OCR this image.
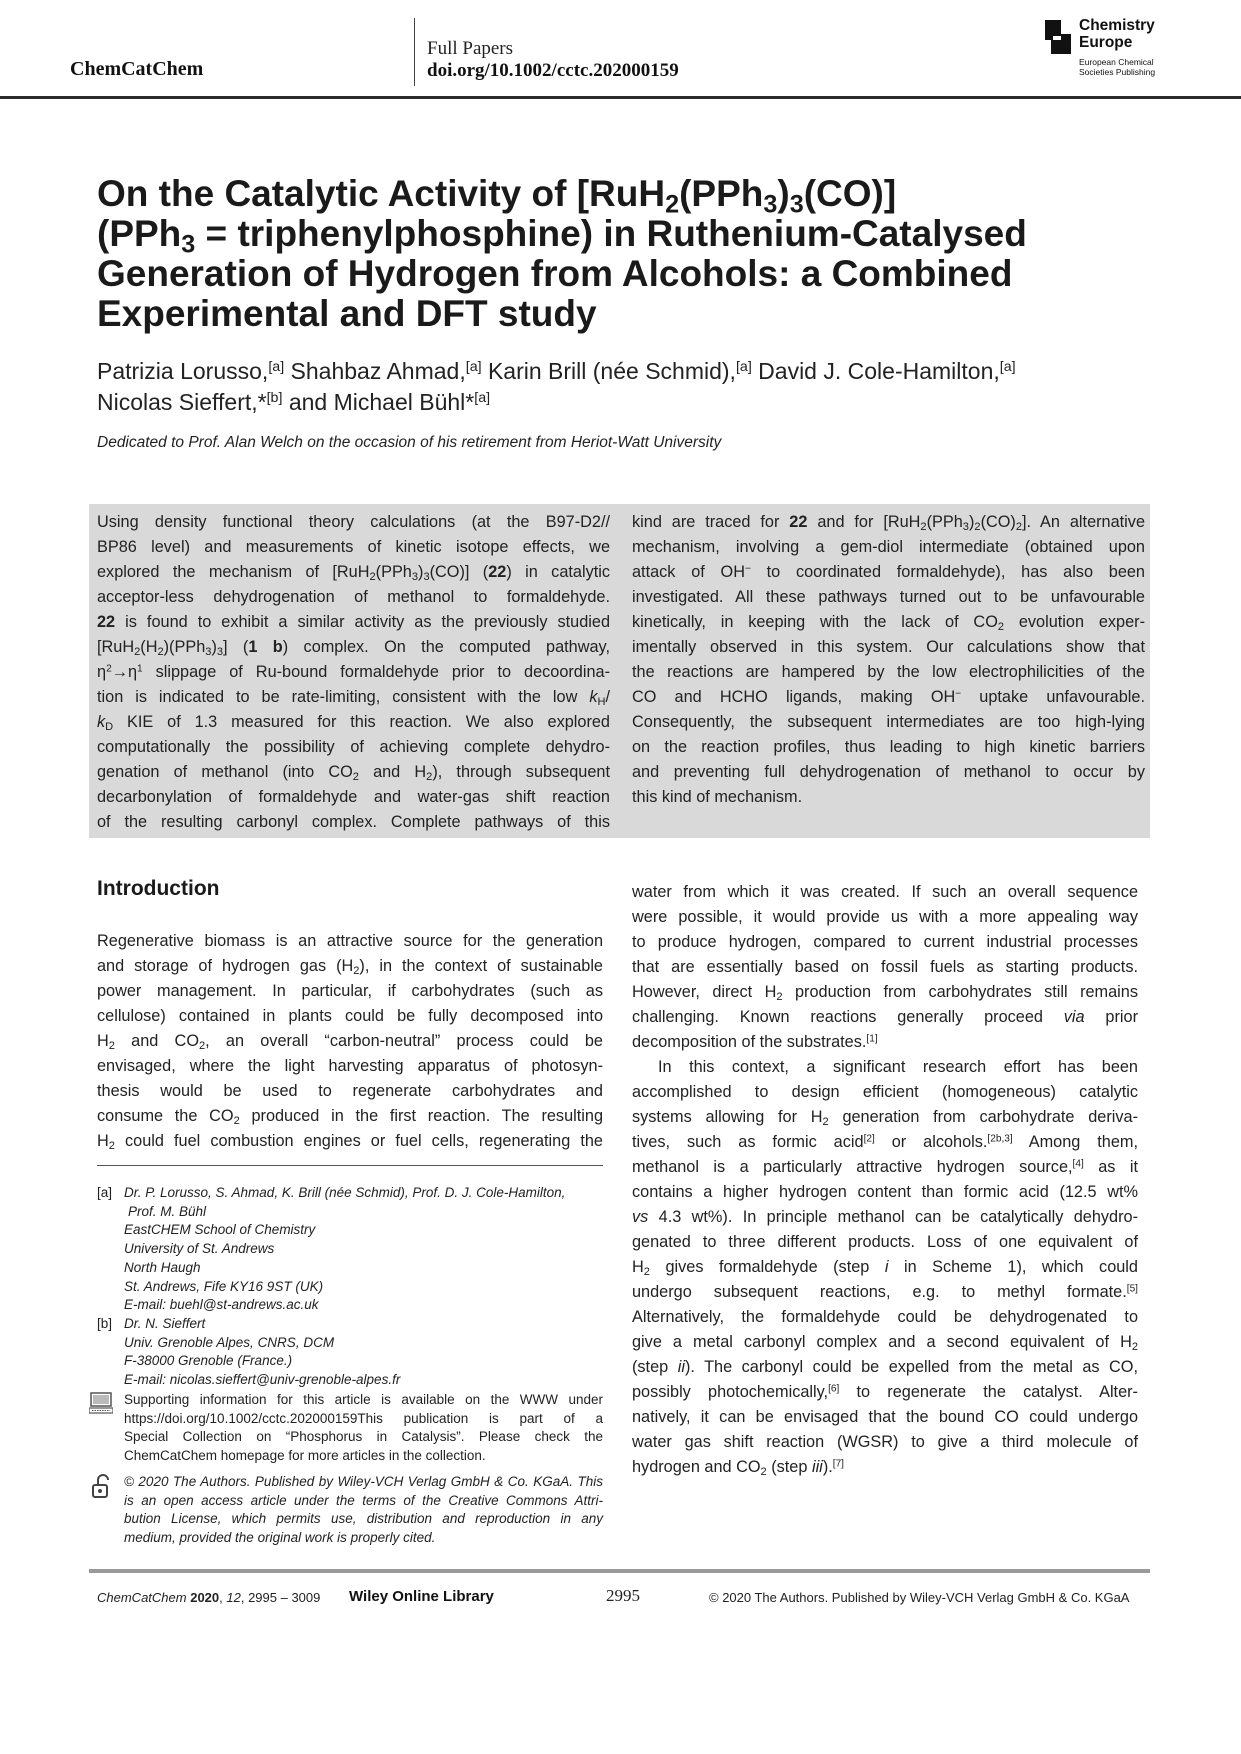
ChemCatChem
Full Papers
doi.org/10.1002/cctc.202000159
Chemistry
Europe
European Chemical
Societies Publishing
On the Catalytic Activity of $[RuH_2(PPh_3)_3(CO)]$
(PPh$_3$ = triphenylphosphine) in Ruthenium-Catalysed
Generation of Hydrogen from Alcohols: a Combined
Experimental and DFT study
Patrizia Lorusso,[a] Shahbaz Ahmad,[a] Karin Brill (née Schmid),[a] David J. Cole-Hamilton,[a]
Nicolas Sieffert,*[b] and Michael Bühl*[a]
Dedicated to Prof. Alan Welch on the occasion of his retirement from Heriot-Watt University
Using density functional theory calculations (at the B97-D2//
BP86 level) and measurements of kinetic isotope effects, we
explored the mechanism of $[RuH_2(PPh_3)_3(CO)]$ (22) in catalytic
acceptor-less dehydrogenation of methanol to formaldehyde.
22 is found to exhibit a similar activity as the previously studied
$[RuH_2(H_2)(PPh_3)_3]$ (1 b) complex. On the computed pathway,
$\eta^2\to\eta^1$ slippage of Ru-bound formaldehyde prior to decoordina-
tion is indicated to be rate-limiting, consistent with the low $k_H/$
$k_D$ KIE of 1.3 measured for this reaction. We also explored
computationally the possibility of achieving complete dehydro-
genation of methanol (into $CO_2$ and $H_2$), through subsequent
decarbonylation of formaldehyde and water-gas shift reaction
of the resulting carbonyl complex. Complete pathways of this
kind are traced for 22 and for $[RuH_2(PPh_3)_2(CO)_2]$. An alternative
mechanism, involving a gem-diol intermediate (obtained upon
attack of OH− to coordinated formaldehyde), has also been
investigated. All these pathways turned out to be unfavourable
kinetically, in keeping with the lack of $CO_2$ evolution exper-
imentally observed in this system. Our calculations show that
the reactions are hampered by the low electrophilicities of the
CO and HCHO ligands, making OH− uptake unfavourable.
Consequently, the subsequent intermediates are too high-lying
on the reaction profiles, thus leading to high kinetic barriers
and preventing full dehydrogenation of methanol to occur by
this kind of mechanism.
Introduction
Regenerative biomass is an attractive source for the generation
and storage of hydrogen gas $(H_2)$, in the context of sustainable
power management. In particular, if carbohydrates (such as
cellulose) contained in plants could be fully decomposed into
$H_2$ and $CO_2$, an overall “carbon-neutral” process could be
envisaged, where the light harvesting apparatus of photosyn-
thesis would be used to regenerate carbohydrates and
consume the $CO_2$ produced in the first reaction. The resulting
$H_2$ could fuel combustion engines or fuel cells, regenerating the
water from which it was created. If such an overall sequence
were possible, it would provide us with a more appealing way
to produce hydrogen, compared to current industrial processes
that are essentially based on fossil fuels as starting products.
However, direct $H_2$ production from carbohydrates still remains
challenging. Known reactions generally proceed via prior
decomposition of the substrates.[1]
In this context, a significant research effort has been
accomplished to design efficient (homogeneous) catalytic
systems allowing for $H_2$ generation from carbohydrate deriva-
tives, such as formic acid[2] or alcohols.[2b,3] Among them,
methanol is a particularly attractive hydrogen source,[4] as it
contains a higher hydrogen content than formic acid (12.5 wt%
vs 4.3 wt%). In principle methanol can be catalytically dehydro-
genated to three different products. Loss of one equivalent of
$H_2$ gives formaldehyde (step i in Scheme 1), which could
undergo subsequent reactions, e.g. to methyl formate.[5]
Alternatively, the formaldehyde could be dehydrogenated to
give a metal carbonyl complex and a second equivalent of $H_2$
(step ii). The carbonyl could be expelled from the metal as CO,
possibly photochemically,[6] to regenerate the catalyst. Alter-
natively, it can be envisaged that the bound CO could undergo
water gas shift reaction (WGSR) to give a third molecule of
hydrogen and $CO_2$ (step iii).[7]
[a] Dr. P. Lorusso, S. Ahmad, K. Brill (née Schmid), Prof. D. J. Cole-Hamilton,
Prof. M. Bühl
EastCHEM School of Chemistry
University of St. Andrews
North Haugh
St. Andrews, Fife KY16 9ST (UK)
E-mail: buehl@st-andrews.ac.uk
[b] Dr. N. Sieffert
Univ. Grenoble Alpes, CNRS, DCM
F-38000 Grenoble (France.)
E-mail: nicolas.sieffert@univ-grenoble-alpes.fr
Supporting information for this article is available on the WWW under
https://doi.org/10.1002/cctc.202000159This publication is part of a
Special Collection on “Phosphorus in Catalysis”. Please check the
ChemCatChem homepage for more articles in the collection.
© 2020 The Authors. Published by Wiley-VCH Verlag GmbH & Co. KGaA. This
is an open access article under the terms of the Creative Commons Attri-
bution License, which permits use, distribution and reproduction in any
medium, provided the original work is properly cited.
ChemCatChem 2020, 12, 2995 – 3009 Wiley Online Library	2995	© 2020 The Authors. Published by Wiley-VCH Verlag GmbH & Co. KGaA
